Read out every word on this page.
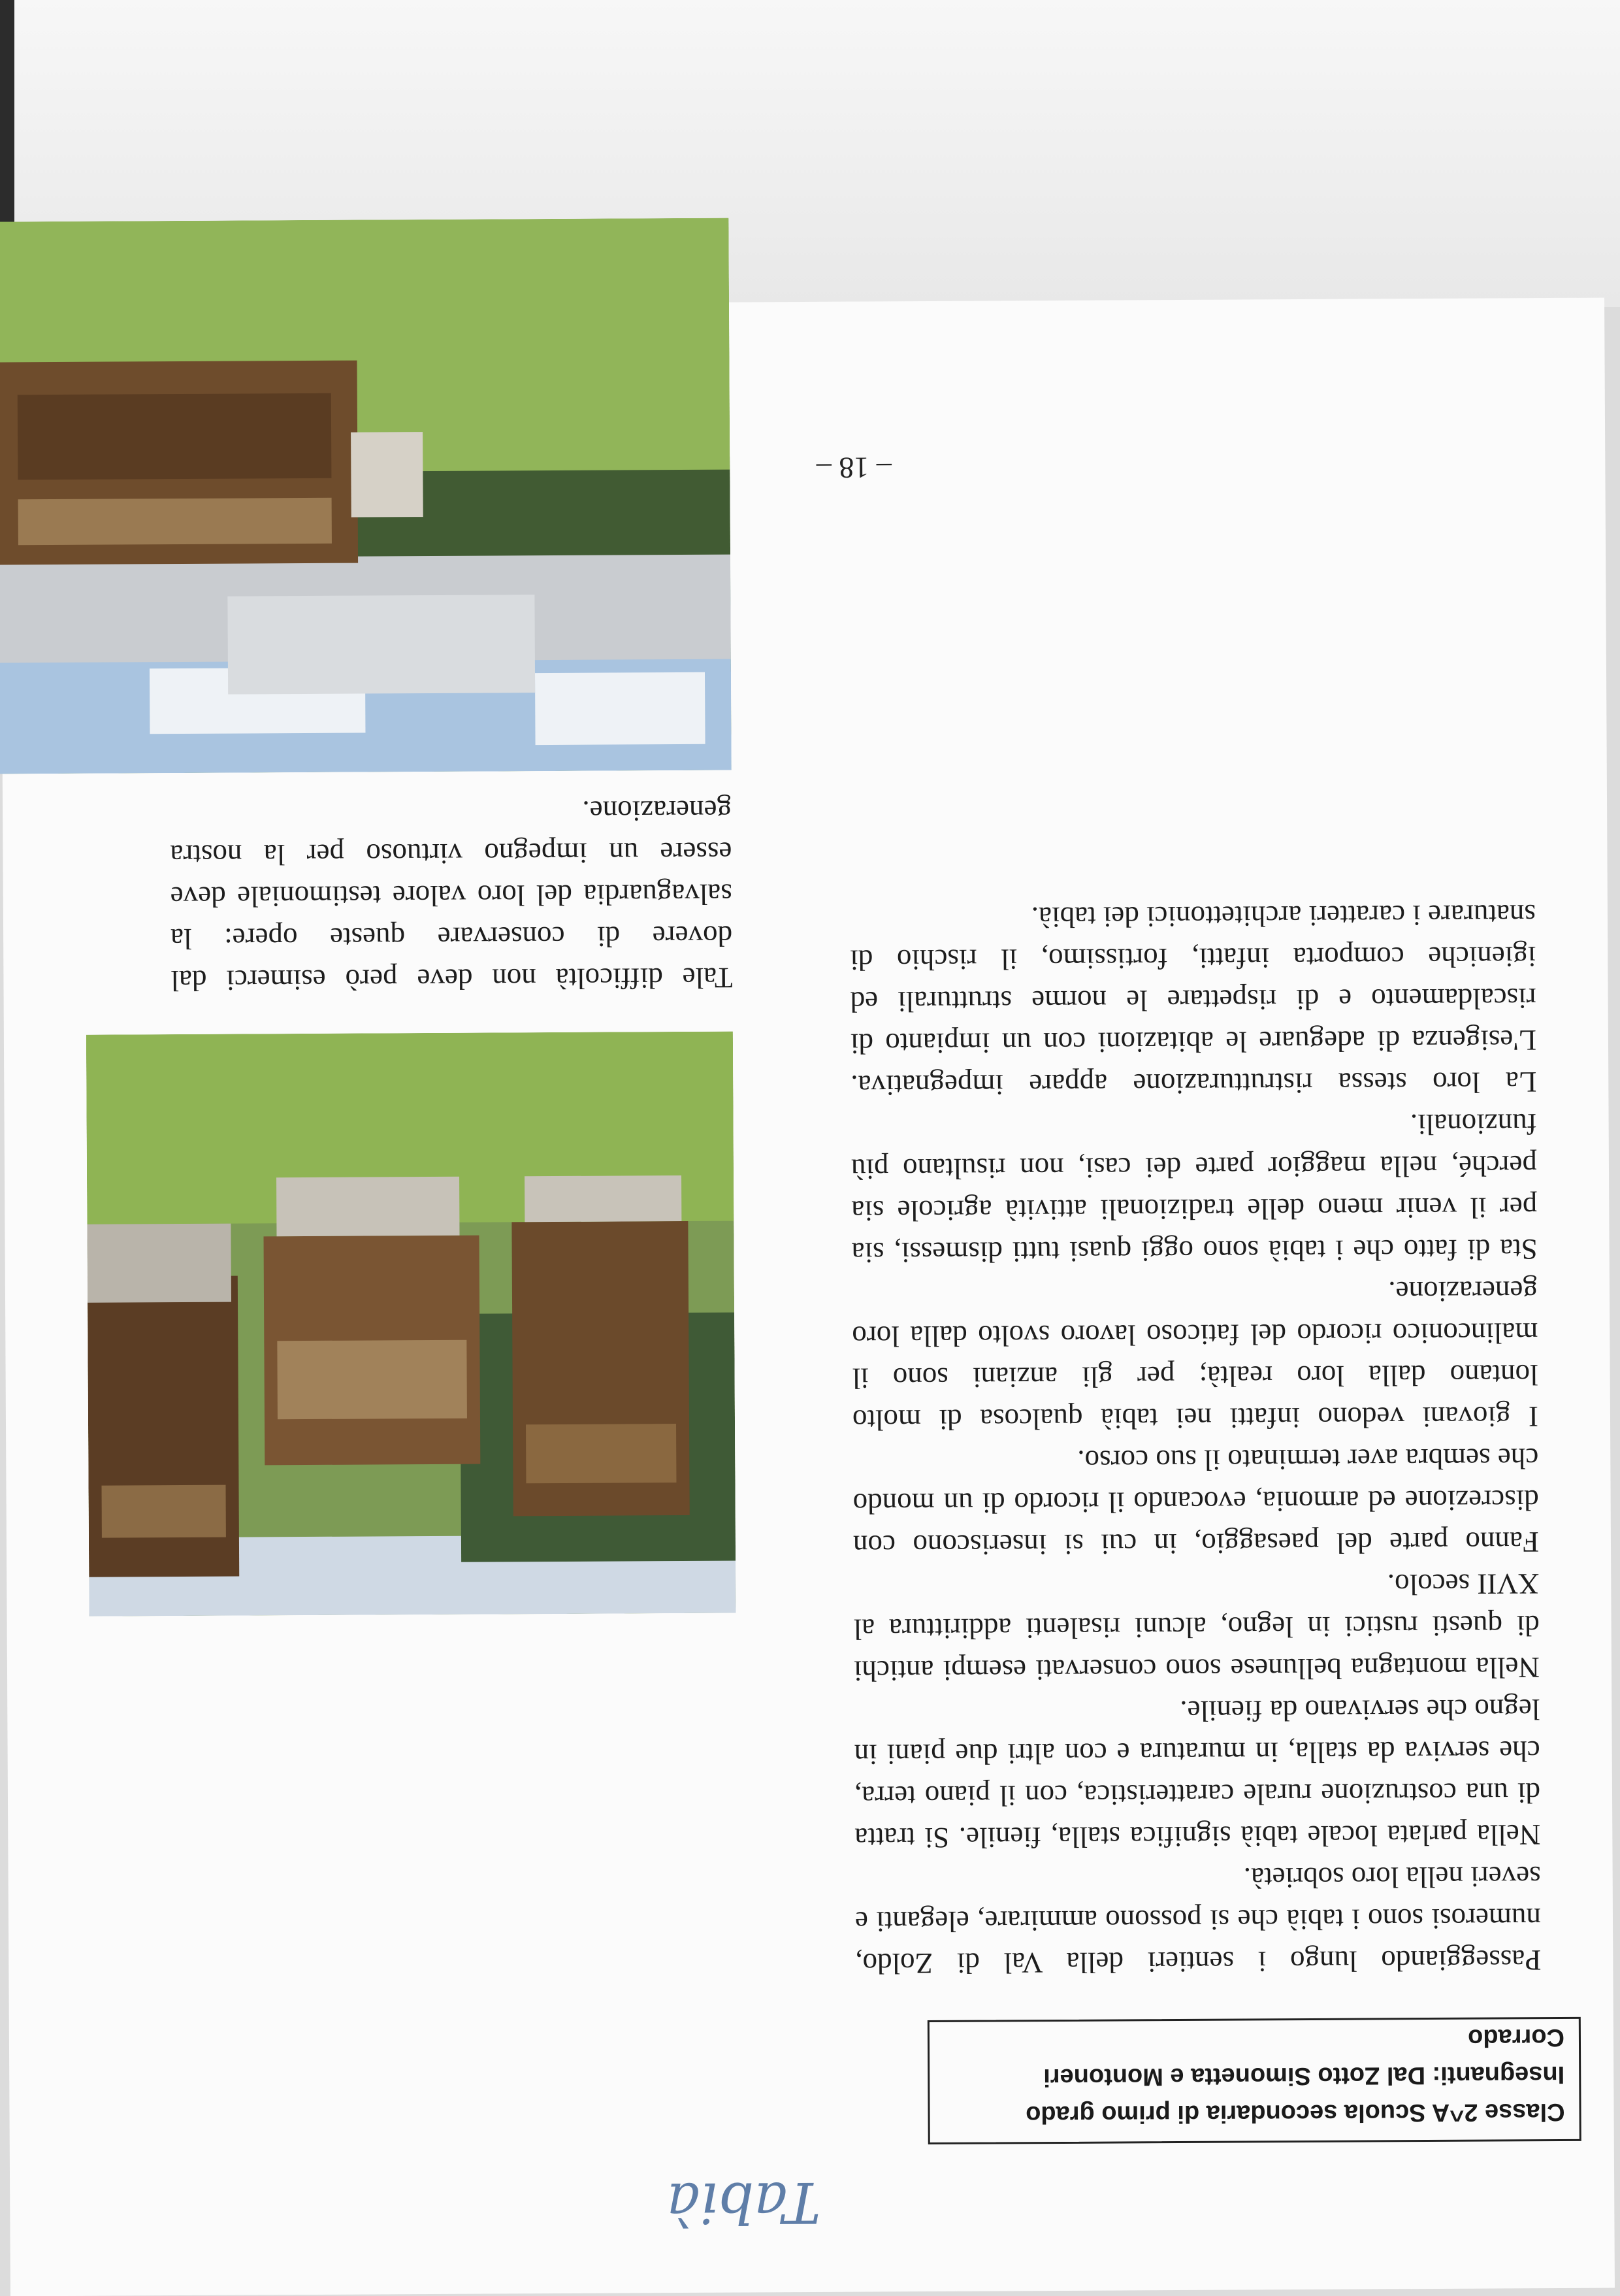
Tabià
Classe 2^A Scuola secondaria di primo grado
Insegnanti: Dal Zotto Simonetta e Montoneri
Corrado

Passeggiando lungo i sentieri della Val di Zoldo, numerosi sono i tabià che si possono ammirare, eleganti e severi nella loro sobrietà.

Nella parlata locale tabià significa stalla, fienile. Si tratta di una costruzione rurale caratteristica, con il piano terra, che serviva da stalla, in muratura e con altri due piani in legno che servivano da fienile.

Nella montagna bellunese sono conservati esempi antichi di questi rustici in legno, alcuni risalenti addirittura al XVII secolo.

Fanno parte del paesaggio, in cui si inseriscono con discrezione ed armonia, evocando il ricordo di un mondo che sembra aver terminato il suo corso.

I giovani vedono infatti nei tabià qualcosa di molto lontano dalla loro realtà; per gli anziani sono il malinconico ricordo del faticoso lavoro svolto dalla loro generazione.

Sta di fatto che i tabià sono oggi quasi tutti dismessi, sia per il venir meno delle tradizionali attività agricole sia perché, nella maggior parte dei casi, non risultano più funzionali.

La loro stessa ristrutturazione appare impegnativa. L'esigenza di adeguare le abitazioni con un impianto di riscaldamento e di rispettare le norme strutturali ed igieniche comporta infatti, fortissimo, il rischio di snaturare i caratteri architettonici dei tabià.

Tale difficoltà non deve però esimerci dal dovere di conservare queste opere: la salvaguardia del loro valore testimoniale deve essere un impegno virtuoso per la nostra generazione.

– 18 –
